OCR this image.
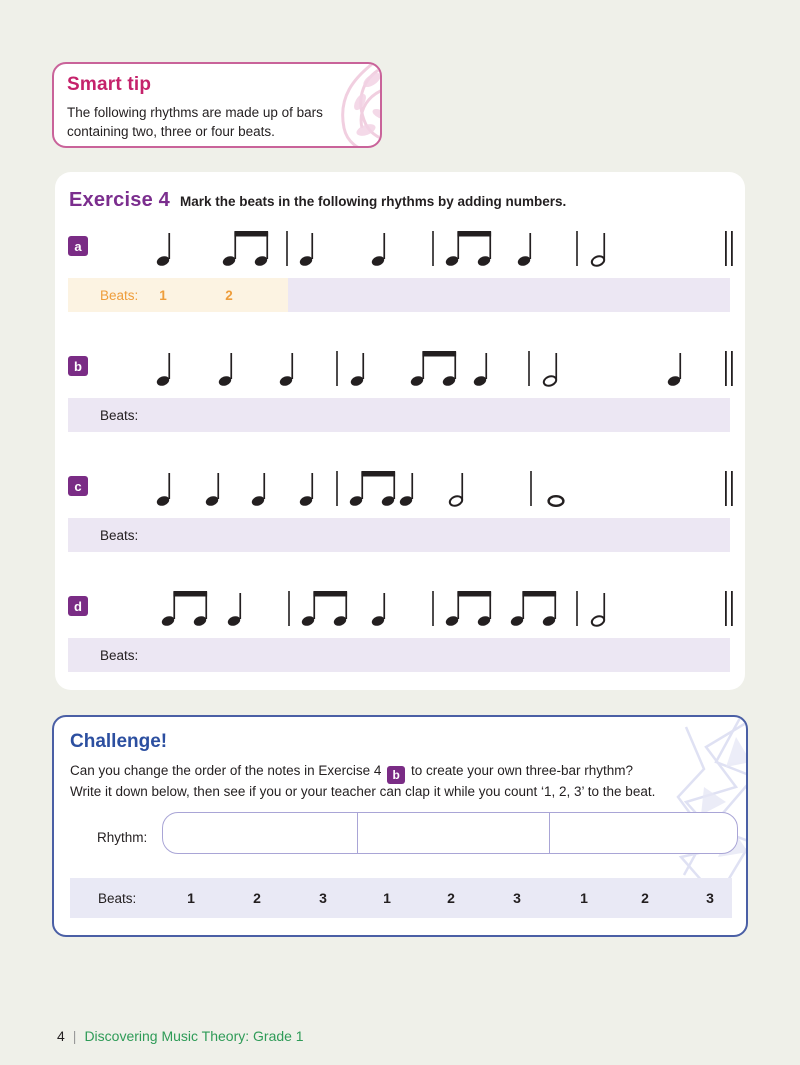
Smart tip

The following rhythms are made up of bars containing two, three or four beats.

Exercise 4 Mark the beats in the following rhythms by adding numbers.
a
Beats: 1	2
b
Beats:
c
Beats:
d
Beats:
Challenge!
Can you change the order of the notes in Exercise 4 b to create your own three-bar rhythm?
Write it down below, then see if you or your teacher can clap it while you count ‘1, 2, 3’ to the beat.
Rhythm:
Beats:	1	2	3	1	2	3	1	2	3
4 | Discovering Music Theory: Grade 1
